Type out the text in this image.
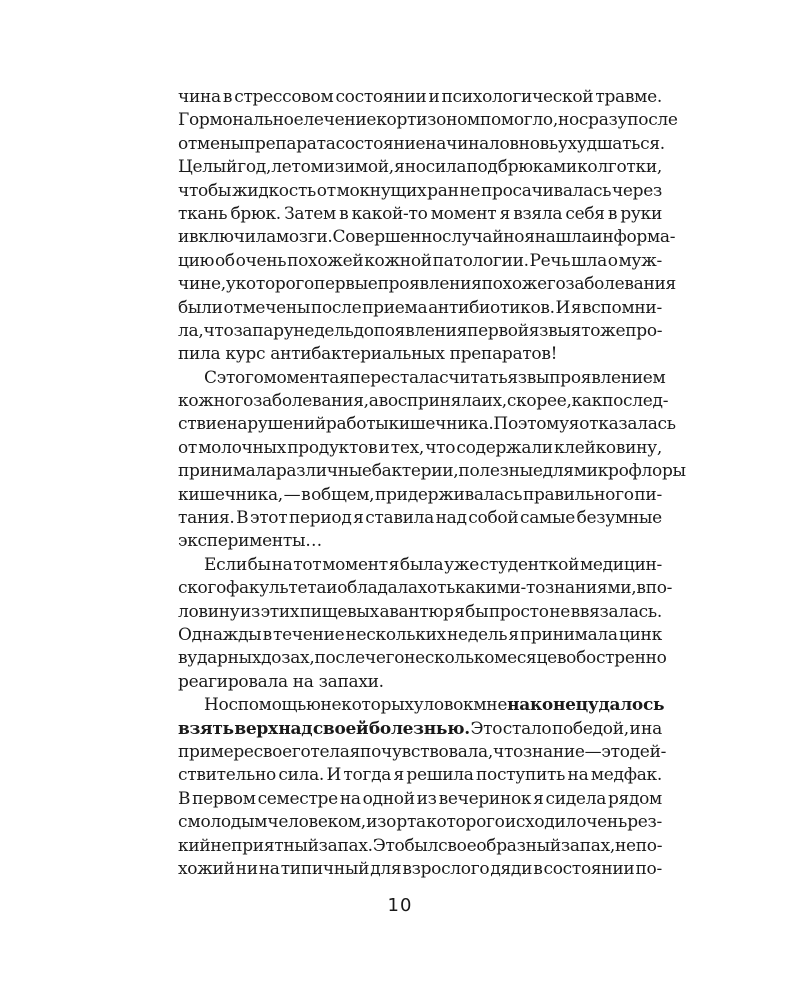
чина в стрессовом состоянии и психологической травме.
Гормональное лечение кортизоном помогло, но сразу после
отмены препарата состояние начинало вновь ухудшаться.
Целый год, летом и зимой, я носила под брюками колготки,
чтобы жидкость от мокнущих ран не просачивалась через
ткань брюк. Затем в какой-то момент я взяла себя в руки
и включила мозги. Совершенно случайно я нашла информа-
цию об очень похожей кожной патологии. Речь шла о муж-
чине, у которого первые проявления похожего заболевания
были отмечены после приема антибиотиков. И я вспомни-
ла, что за пару недель до появления первой язвы я тоже про-
пила курс антибактериальных препаратов!
С этого момента я перестала считать язвы проявлением
кожного заболевания, а восприняла их, скорее, как послед-
ствие нарушений работы кишечника. Поэтому я отказалась
от молочных продуктов и тех, что содержали клейковину,
принимала различные бактерии, полезные для микрофлоры
кишечника, — в общем, придерживалась правильного пи-
тания. В этот период я ставила над собой самые безумные
эксперименты…
Если бы на тот момент я была уже студенткой медицин-
ского факультета и обладала хоть какими-то знаниями, в по-
ловину из этих пищевых авантюр я бы просто не ввязалась.
Однажды в течение нескольких недель я принимала цинк
в ударных дозах, после чего несколько месяцев обостренно
реагировала на запахи.
Но с помощью некоторых уловок мне наконец удалось
взять верх над своей болезнью. Это стало победой, и на
примере своего тела я почувствовала, что знание — это дей-
ствительно сила. И тогда я решила поступить на медфак.
В первом семестре на одной из вечеринок я сидела рядом
с молодым человеком, изо рта которого исходил очень рез-
кий неприятный запах. Это был своеобразный запах, непо-
хожий ни на типичный для взрослого дяди в состоянии по-
10
